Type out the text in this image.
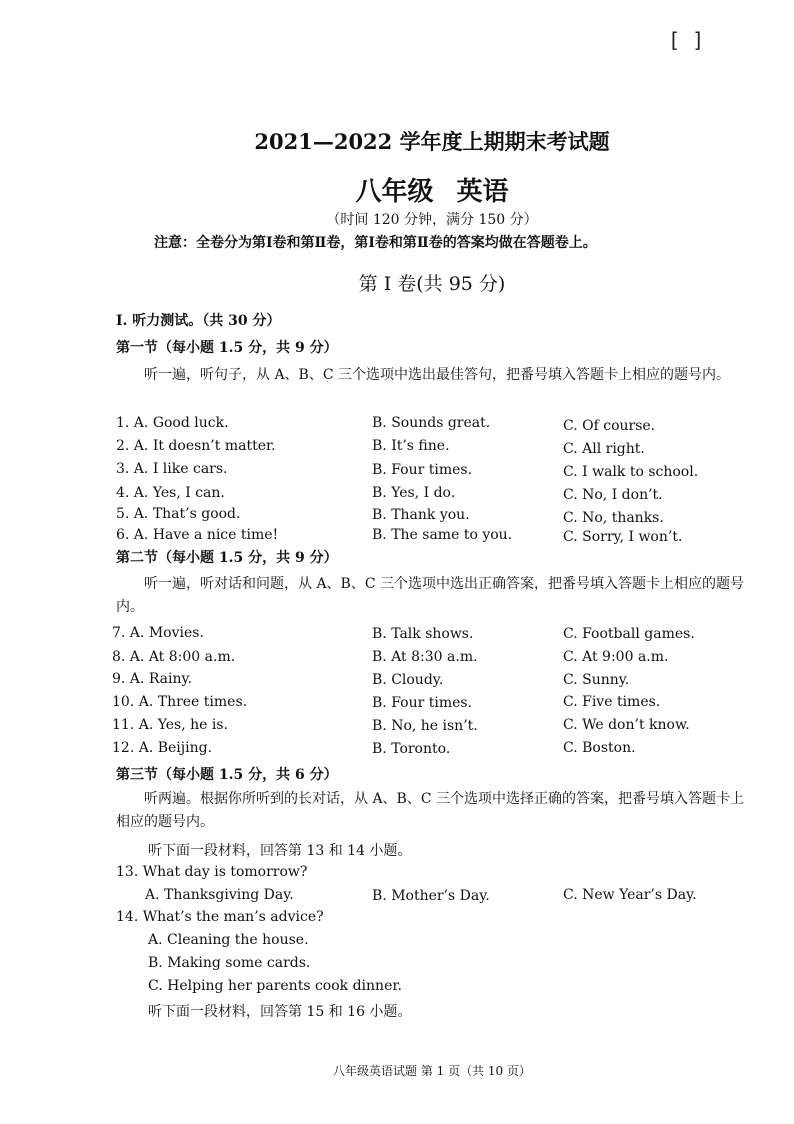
[ ]
2021—2022 学年度上期期末考试题
八年级 英语
（时间 120 分钟，满分 150 分）
注意：全卷分为第Ⅰ卷和第Ⅱ卷，第Ⅰ卷和第Ⅱ卷的答案均做在答题卷上。
第 I 卷(共 95 分)
I. 听力测试。（共 30 分）
第一节（每小题 1.5 分，共 9 分）
听一遍，听句子，从 A、B、C 三个选项中选出最佳答句，把番号填入答题卡上相应的题号内。
1. A. Good luck.	B. Sounds great.	C. Of course.
2. A. It doesn’t matter.	B. It’s fine.	C. All right.
3. A. I like cars.	B. Four times.	C. I walk to school.
4. A. Yes, I can.	B. Yes, I do.	C. No, I don’t.
5. A. That’s good.	B. Thank you.	C. No, thanks.
6. A. Have a nice time!	B. The same to you.	C. Sorry, I won’t.
第二节（每小题 1.5 分，共 9 分）
听一遍，听对话和问题，从 A、B、C 三个选项中选出正确答案，把番号填入答题卡上相应的题号内。
7. A. Movies.	B. Talk shows.	C. Football games.
8. A. At 8:00 a.m.	B. At 8:30 a.m.	C. At 9:00 a.m.
9. A. Rainy.	B. Cloudy.	C. Sunny.
10. A. Three times.	B. Four times.	C. Five times.
11. A. Yes, he is.	B. No, he isn’t.	C. We don’t know.
12. A. Beijing.	B. Toronto.	C. Boston.
第三节（每小题 1.5 分，共 6 分）
听两遍。根据你所听到的长对话，从 A、B、C 三个选项中选择正确的答案，把番号填入答题卡上相应的题号内。
听下面一段材料，回答第 13 和 14 小题。
13. What day is tomorrow?
A. Thanksgiving Day.	B. Mother’s Day.	C. New Year’s Day.
14. What’s the man’s advice?
A. Cleaning the house.
B. Making some cards.
C. Helping her parents cook dinner.
听下面一段材料，回答第 15 和 16 小题。
八年级英语试题 第 1 页（共 10 页）
